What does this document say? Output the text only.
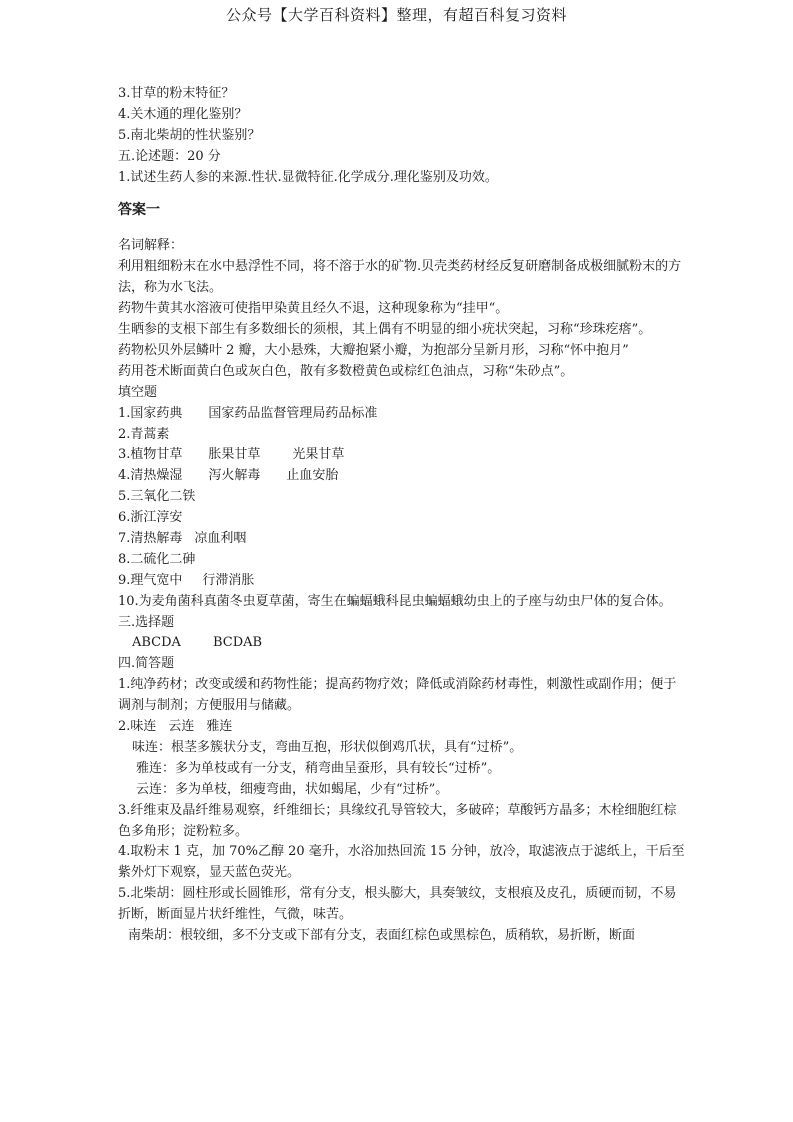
公众号【大学百科资料】整理，有超百科复习资料
3.甘草的粉末特征？
4.关木通的理化鉴别？
5.南北柴胡的性状鉴别？
五.论述题：20 分
1.试述生药人参的来源.性状.显微特征.化学成分.理化鉴别及功效。
答案一
名词解释：
利用粗细粉末在水中悬浮性不同，将不溶于水的矿物.贝壳类药材经反复研磨制备成极细腻粉末的方法，称为水飞法。
药物牛黄其水溶液可使指甲染黄且经久不退，这种现象称为“挂甲“。
生晒参的支根下部生有多数细长的须根，其上偶有不明显的细小疣状突起，习称“珍珠疙瘩”。
药物松贝外层鳞叶 2 瓣，大小悬殊，大瓣抱紧小瓣，为抱部分呈新月形，习称“怀中抱月”
药用苍术断面黄白色或灰白色，散有多数橙黄色或棕红色油点，习称“朱砂点”。
填空题
1.国家药典 国家药品监督管理局药品标准
2.青蒿素
3.植物甘草 胀果甘草 光果甘草
4.清热燥湿 泻火解毒 止血安胎
5.三氧化二铁
6.浙江淳安
7.清热解毒 凉血利咽
8.二硫化二砷
9.理气宽中 行滞消胀
10.为麦角菌科真菌冬虫夏草菌，寄生在蝙蝠蛾科昆虫蝙蝠蛾幼虫上的子座与幼虫尸体的复合体。
三.选择题
ABCDA BCDAB
四.简答题
1.纯净药材；改变或缓和药物性能；提高药物疗效；降低或消除药材毒性，刺激性或副作用；便于调剂与制剂；方便服用与储藏。
2.味连 云连 雅连
味连：根茎多簇状分支，弯曲互抱，形状似倒鸡爪状，具有“过桥”。
雅连：多为单枝或有一分支，稍弯曲呈蚕形，具有较长“过桥”。
云连：多为单枝，细瘦弯曲，状如蝎尾，少有“过桥”。
3.纤维束及晶纤维易观察，纤维细长；具缘纹孔导管较大，多破碎；草酸钙方晶多；木栓细胞红棕色多角形；淀粉粒多。
4.取粉末 1 克，加 70%乙醇 20 毫升，水浴加热回流 15 分钟，放冷，取滤液点于滤纸上，干后至紫外灯下观察，显天蓝色荧光。
5.北柴胡：圆柱形或长圆锥形，常有分支，根头膨大，具奏皱纹，支根痕及皮孔，质硬而韧，不易折断，断面显片状纤维性，气微，味苦。
南柴胡：根较细，多不分支或下部有分支，表面红棕色或黑棕色，质稍软，易折断，断面
